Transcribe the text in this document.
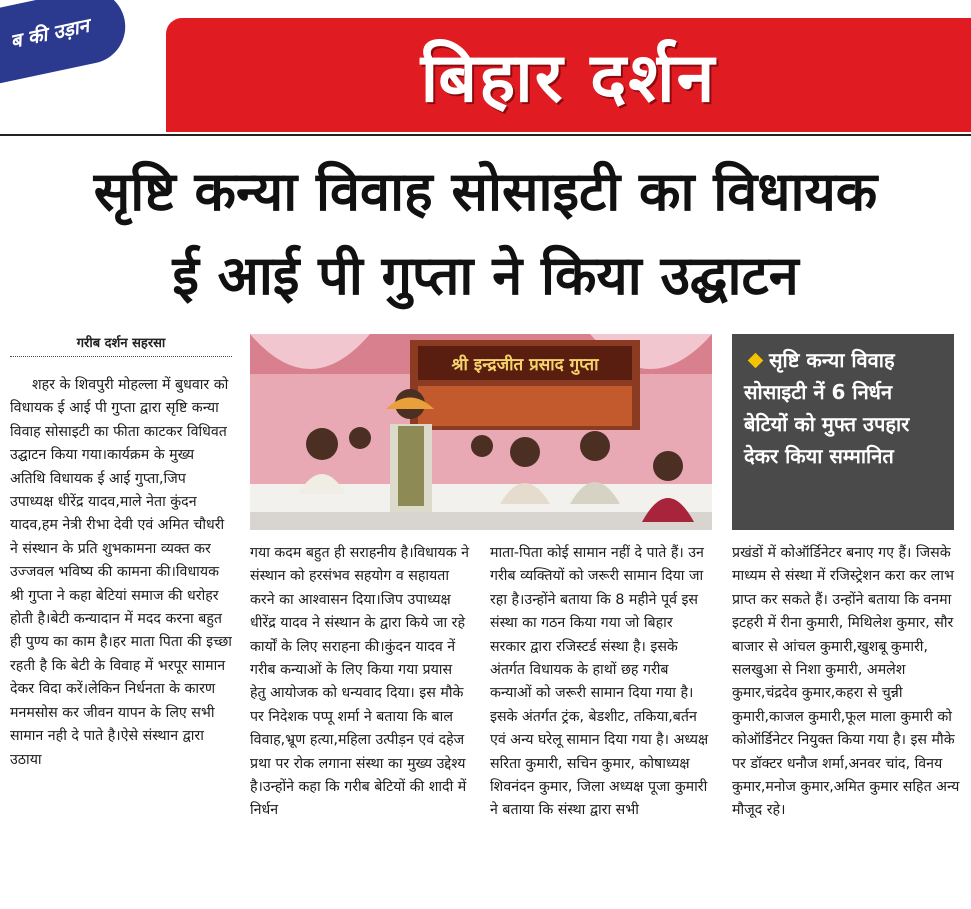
ब की उड़ान
बिहार दर्शन
सृष्टि कन्या विवाह सोसाइटी का विधायक
ई आई पी गुप्ता ने किया उद्घाटन
गरीब दर्शन सहरसा
श्री इन्द्रजीत प्रसाद गुप्ता	सृष्टि कन्या विवाह सोसाइटी नें 6 निर्धन बेटियों को मुफ्त उपहार देकर किया सम्मानित
शहर के शिवपुरी मोहल्ला में बुधवार को विधायक ई आई पी गुप्ता द्वारा सृष्टि कन्या विवाह सोसाइटी का फीता काटकर विधिवत उद्घाटन किया गया।कार्यक्रम के मुख्य अतिथि विधायक ई आई गुप्ता,जिप उपाध्यक्ष धीरेंद्र यादव,माले नेता कुंदन यादव,हम नेत्री रीभा देवी एवं अमित चौधरी ने संस्थान के प्रति शुभकामना व्यक्त कर उज्जवल भविष्य की कामना की।विधायक श्री गुप्ता ने कहा बेटियां समाज की धरोहर होती है।बेटी कन्यादान में मदद करना बहुत ही पुण्य का काम है।हर माता पिता की इच्छा रहती है कि बेटी के विवाह में भरपूर सामान देकर विदा करें।लेकिन निर्धनता के कारण मनमसोस कर जीवन यापन के लिए सभी सामान नही दे पाते है।ऐसे संस्थान द्वारा उठाया
गया कदम बहुत ही सराहनीय है।विधायक ने संस्थान को हरसंभव सहयोग व सहायता करने का आश्वासन दिया।जिप उपाध्यक्ष धीरेंद्र यादव ने संस्थान के द्वारा किये जा रहे कार्यों के लिए सराहना की।कुंदन यादव नें गरीब कन्याओं के लिए किया गया प्रयास हेतु आयोजक को धन्यवाद दिया। इस मौके पर निदेशक पप्पू शर्मा ने बताया कि बाल विवाह,भ्रूण हत्या,महिला उत्पीड़न एवं दहेज प्रथा पर रोक लगाना संस्था का मुख्य उद्देश्य है।उन्होंने कहा कि गरीब बेटियों की शादी में निर्धन
माता-पिता कोई सामान नहीं दे पाते हैं। उन गरीब व्यक्तियों को जरूरी सामान दिया जा रहा है।उन्होंने बताया कि 8 महीने पूर्व इस संस्था का गठन किया गया जो बिहार सरकार द्वारा रजिस्टर्ड संस्था है। इसके अंतर्गत विधायक के हाथों छह गरीब कन्याओं को जरूरी सामान दिया गया है।इसके अंतर्गत ट्रंक, बेडशीट, तकिया,बर्तन एवं अन्य घरेलू सामान दिया गया है। अध्यक्ष सरिता कुमारी, सचिन कुमार, कोषाध्यक्ष शिवनंदन कुमार, जिला अध्यक्ष पूजा कुमारी ने बताया कि संस्था द्वारा सभी
प्रखंडों में कोऑर्डिनेटर बनाए गए हैं। जिसके माध्यम से संस्था में रजिस्ट्रेशन करा कर लाभ प्राप्त कर सकते हैं। उन्होंने बताया कि वनमा इटहरी में रीना कुमारी, मिथिलेश कुमार, सौर बाजार से आंचल कुमारी,खुशबू कुमारी, सलखुआ से निशा कुमारी, अमलेश कुमार,चंद्रदेव कुमार,कहरा से चुन्नी कुमारी,काजल कुमारी,फूल माला कुमारी को कोऑर्डिनेटर नियुक्त किया गया है। इस मौके पर डॉक्टर धनौज शर्मा,अनवर चांद, विनय कुमार,मनोज कुमार,अमित कुमार सहित अन्य मौजूद रहे।
